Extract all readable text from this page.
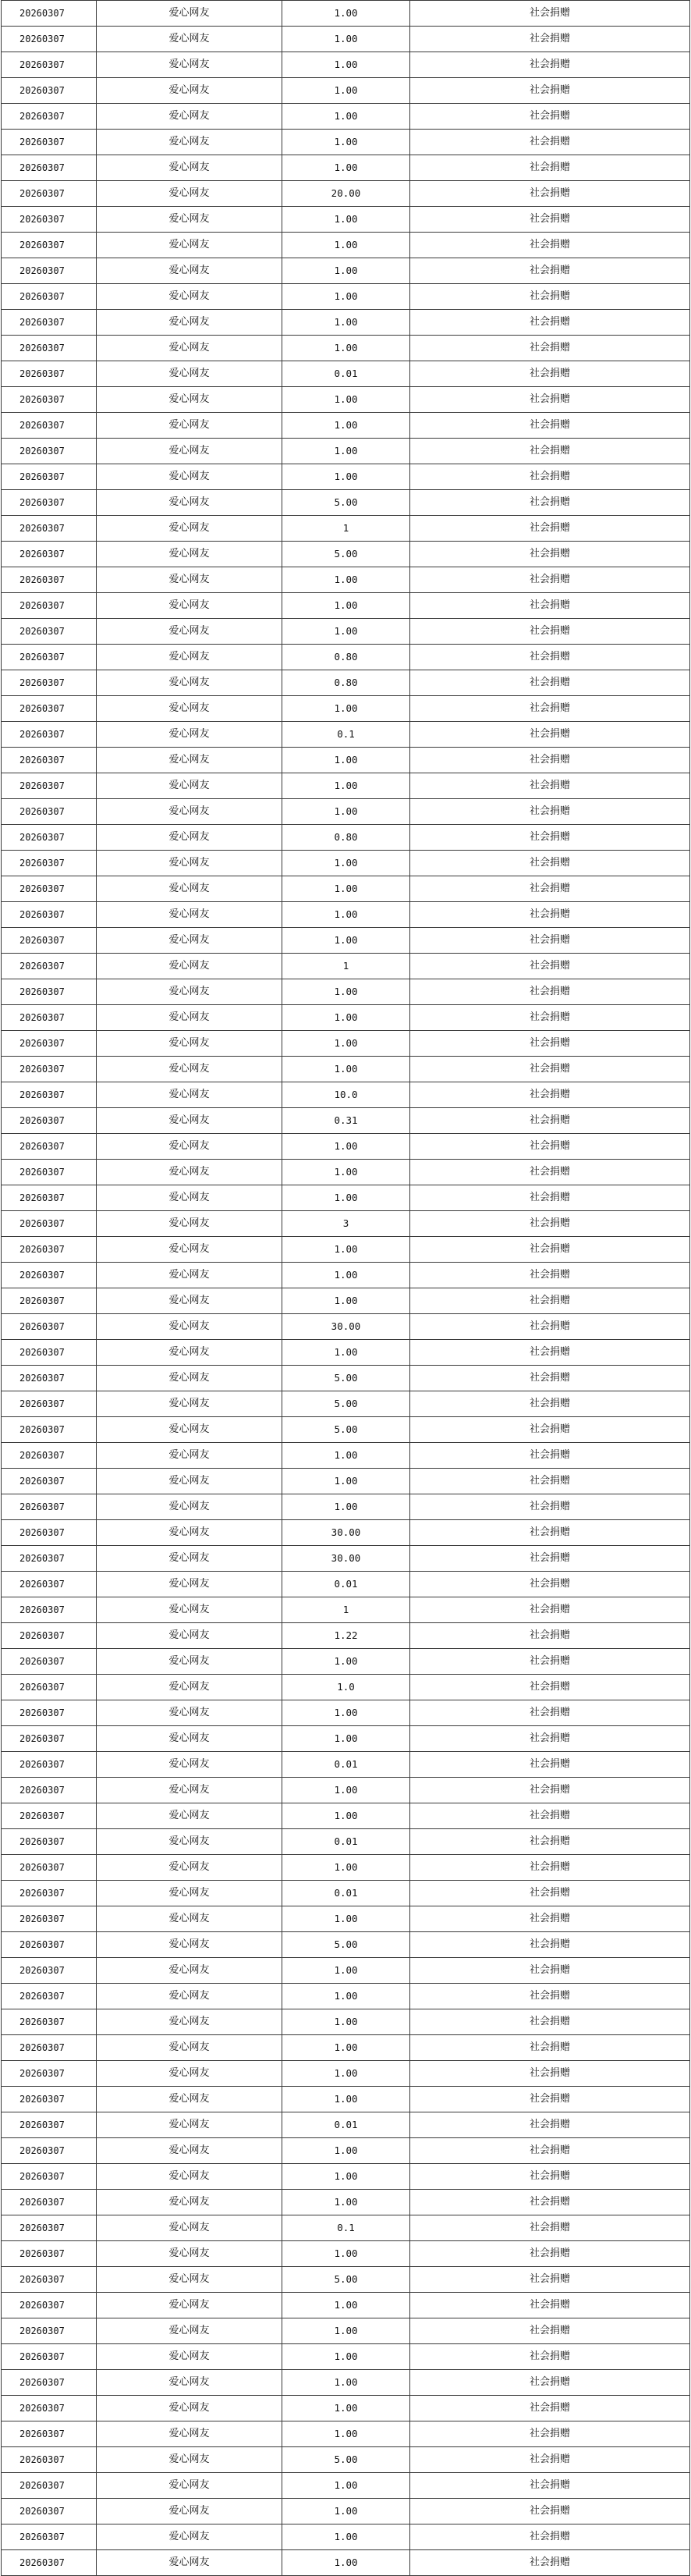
20260307	爱心网友	1.00	社会捐赠
20260307	爱心网友	1.00	社会捐赠
20260307	爱心网友	1.00	社会捐赠
20260307	爱心网友	1.00	社会捐赠
20260307	爱心网友	1.00	社会捐赠
20260307	爱心网友	1.00	社会捐赠
20260307	爱心网友	1.00	社会捐赠
20260307	爱心网友	20.00	社会捐赠
20260307	爱心网友	1.00	社会捐赠
20260307	爱心网友	1.00	社会捐赠
20260307	爱心网友	1.00	社会捐赠
20260307	爱心网友	1.00	社会捐赠
20260307	爱心网友	1.00	社会捐赠
20260307	爱心网友	1.00	社会捐赠
20260307	爱心网友	0.01	社会捐赠
20260307	爱心网友	1.00	社会捐赠
20260307	爱心网友	1.00	社会捐赠
20260307	爱心网友	1.00	社会捐赠
20260307	爱心网友	1.00	社会捐赠
20260307	爱心网友	5.00	社会捐赠
20260307	爱心网友	1	社会捐赠
20260307	爱心网友	5.00	社会捐赠
20260307	爱心网友	1.00	社会捐赠
20260307	爱心网友	1.00	社会捐赠
20260307	爱心网友	1.00	社会捐赠
20260307	爱心网友	0.80	社会捐赠
20260307	爱心网友	0.80	社会捐赠
20260307	爱心网友	1.00	社会捐赠
20260307	爱心网友	0.1	社会捐赠
20260307	爱心网友	1.00	社会捐赠
20260307	爱心网友	1.00	社会捐赠
20260307	爱心网友	1.00	社会捐赠
20260307	爱心网友	0.80	社会捐赠
20260307	爱心网友	1.00	社会捐赠
20260307	爱心网友	1.00	社会捐赠
20260307	爱心网友	1.00	社会捐赠
20260307	爱心网友	1.00	社会捐赠
20260307	爱心网友	1	社会捐赠
20260307	爱心网友	1.00	社会捐赠
20260307	爱心网友	1.00	社会捐赠
20260307	爱心网友	1.00	社会捐赠
20260307	爱心网友	1.00	社会捐赠
20260307	爱心网友	10.0	社会捐赠
20260307	爱心网友	0.31	社会捐赠
20260307	爱心网友	1.00	社会捐赠
20260307	爱心网友	1.00	社会捐赠
20260307	爱心网友	1.00	社会捐赠
20260307	爱心网友	3	社会捐赠
20260307	爱心网友	1.00	社会捐赠
20260307	爱心网友	1.00	社会捐赠
20260307	爱心网友	1.00	社会捐赠
20260307	爱心网友	30.00	社会捐赠
20260307	爱心网友	1.00	社会捐赠
20260307	爱心网友	5.00	社会捐赠
20260307	爱心网友	5.00	社会捐赠
20260307	爱心网友	5.00	社会捐赠
20260307	爱心网友	1.00	社会捐赠
20260307	爱心网友	1.00	社会捐赠
20260307	爱心网友	1.00	社会捐赠
20260307	爱心网友	30.00	社会捐赠
20260307	爱心网友	30.00	社会捐赠
20260307	爱心网友	0.01	社会捐赠
20260307	爱心网友	1	社会捐赠
20260307	爱心网友	1.22	社会捐赠
20260307	爱心网友	1.00	社会捐赠
20260307	爱心网友	1.0	社会捐赠
20260307	爱心网友	1.00	社会捐赠
20260307	爱心网友	1.00	社会捐赠
20260307	爱心网友	0.01	社会捐赠
20260307	爱心网友	1.00	社会捐赠
20260307	爱心网友	1.00	社会捐赠
20260307	爱心网友	0.01	社会捐赠
20260307	爱心网友	1.00	社会捐赠
20260307	爱心网友	0.01	社会捐赠
20260307	爱心网友	1.00	社会捐赠
20260307	爱心网友	5.00	社会捐赠
20260307	爱心网友	1.00	社会捐赠
20260307	爱心网友	1.00	社会捐赠
20260307	爱心网友	1.00	社会捐赠
20260307	爱心网友	1.00	社会捐赠
20260307	爱心网友	1.00	社会捐赠
20260307	爱心网友	1.00	社会捐赠
20260307	爱心网友	0.01	社会捐赠
20260307	爱心网友	1.00	社会捐赠
20260307	爱心网友	1.00	社会捐赠
20260307	爱心网友	1.00	社会捐赠
20260307	爱心网友	0.1	社会捐赠
20260307	爱心网友	1.00	社会捐赠
20260307	爱心网友	5.00	社会捐赠
20260307	爱心网友	1.00	社会捐赠
20260307	爱心网友	1.00	社会捐赠
20260307	爱心网友	1.00	社会捐赠
20260307	爱心网友	1.00	社会捐赠
20260307	爱心网友	1.00	社会捐赠
20260307	爱心网友	1.00	社会捐赠
20260307	爱心网友	5.00	社会捐赠
20260307	爱心网友	1.00	社会捐赠
20260307	爱心网友	1.00	社会捐赠
20260307	爱心网友	1.00	社会捐赠
20260307	爱心网友	1.00	社会捐赠
